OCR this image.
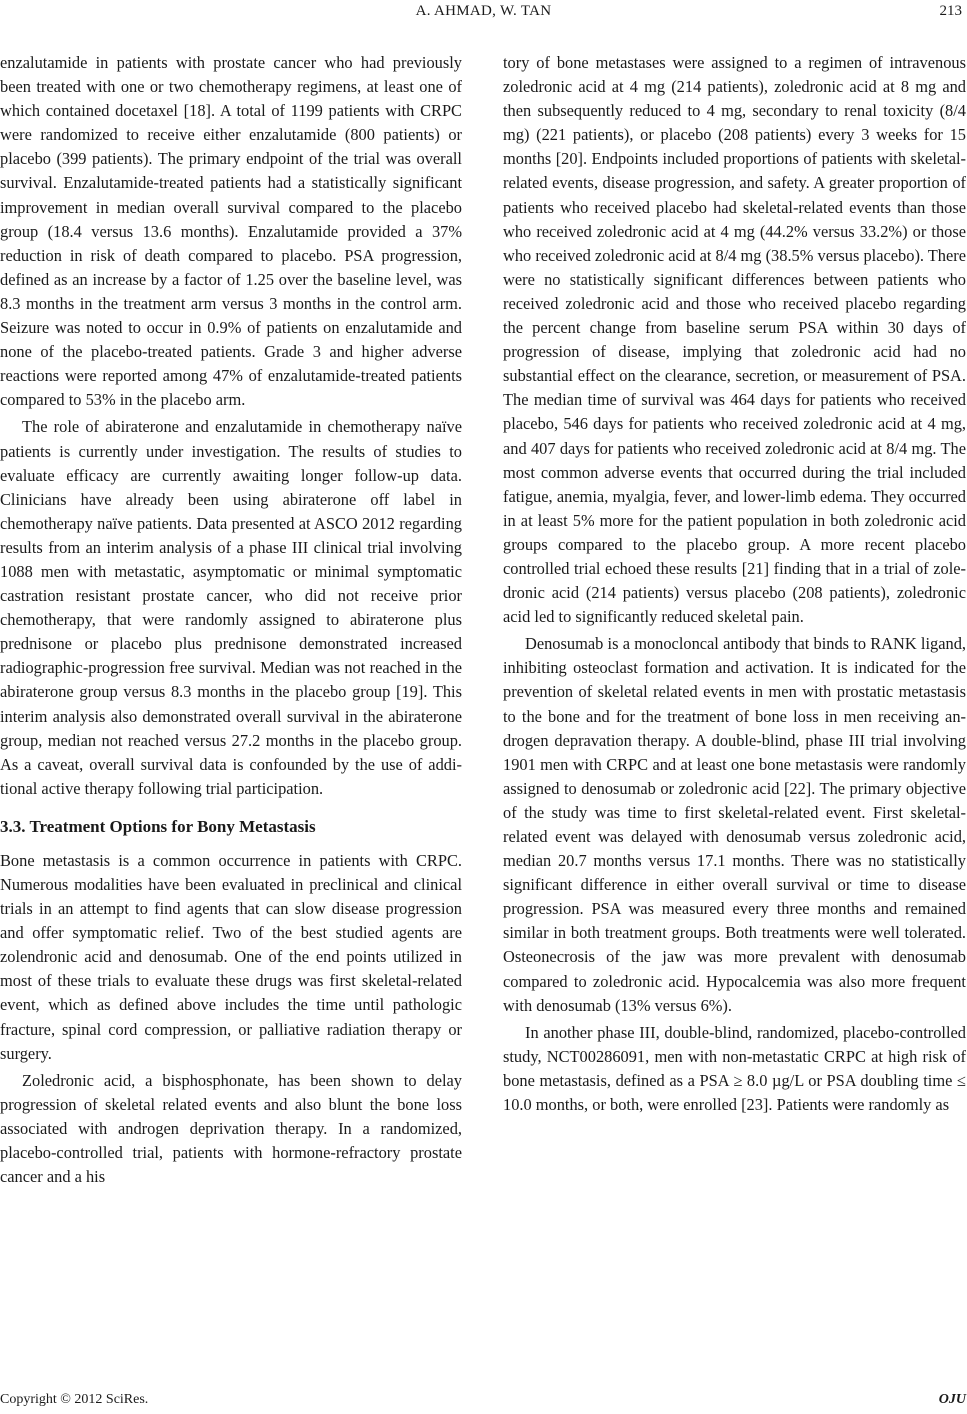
A. AHMAD, W. TAN	213

enzalutamide in patients with prostate cancer who had previously been treated with one or two chemotherapy regimens, at least one of which contained docetaxel [18]. A total of 1199 patients with CRPC were randomized to receive either enzalutamide (800 patients) or placebo (399 patients). The primary endpoint of the trial was overall survival. Enzalutamide-treated patients had a statistically significant improvement in median overall survival compared to the placebo group (18.4 versus 13.6 months). Enzalutamide provided a 37% reduction in risk of death compared to placebo. PSA progression, defined as an increase by a factor of 1.25 over the baseline level, was 8.3 months in the treatment arm versus 3 months in the control arm. Seizure was noted to occur in 0.9% of patients on enzalutamide and none of the placebo-treated patients. Grade 3 and higher adverse reactions were reported among 47% of enzalutamide-treated patients compared to 53% in the placebo arm.

The role of abiraterone and enzalutamide in chemotherapy naïve patients is currently under investigation. The results of studies to evaluate efficacy are currently awaiting longer follow-up data. Clinicians have already been using abiraterone off label in chemotherapy naïve patients. Data presented at ASCO 2012 regarding results from an interim analysis of a phase III clinical trial involving 1088 men with metastatic, asymptomatic or minimal symptomatic castration resistant prostate cancer, who did not receive prior chemotherapy, that were randomly assigned to abiraterone plus prednisone or placebo plus prednisone demonstrated increased radiographic-progression free survival. Median was not reached in the abiraterone group versus 8.3 months in the placebo group [19]. This interim analysis also demonstrated overall survival in the abiraterone group, median not reached versus 27.2 months in the placebo group. As a caveat, overall survival data is confounded by the use of additional active therapy following trial participation.

3.3. Treatment Options for Bony Metastasis

Bone metastasis is a common occurrence in patients with CRPC. Numerous modalities have been evaluated in preclinical and clinical trials in an attempt to find agents that can slow disease progression and offer symptomatic relief. Two of the best studied agents are zolendronic acid and denosumab. One of the end points utilized in most of these trials to evaluate these drugs was first skeletal-related event, which as defined above includes the time until pathologic fracture, spinal cord compression, or palliative radiation therapy or surgery.

Zoledronic acid, a bisphosphonate, has been shown to delay progression of skeletal related events and also blunt the bone loss associated with androgen deprivation therapy. In a randomized, placebo-controlled trial, patients with hormone-refractory prostate cancer and a his

tory of bone metastases were assigned to a regimen of intravenous zoledronic acid at 4 mg (214 patients), zoledronic acid at 8 mg and then subsequently reduced to 4 mg, secondary to renal toxicity (8/4 mg) (221 patients), or placebo (208 patients) every 3 weeks for 15 months [20]. Endpoints included proportions of patients with skeletal-related events, disease progression, and safety. A greater proportion of patients who received placebo had skeletal-related events than those who received zoledronic acid at 4 mg (44.2% versus 33.2%) or those who received zoledronic acid at 8/4 mg (38.5% versus placebo). There were no statistically significant differences between patients who received zoledronic acid and those who received placebo regarding the percent change from baseline serum PSA within 30 days of progression of disease, implying that zoledronic acid had no substantial effect on the clearance, secretion, or measurement of PSA. The median time of survival was 464 days for patients who received placebo, 546 days for patients who received zoledronic acid at 4 mg, and 407 days for patients who received zoledronic acid at 8/4 mg. The most common adverse events that occurred during the trial included fatigue, anemia, myalgia, fever, and lower-limb edema. They occurred in at least 5% more for the patient population in both zoledronic acid groups compared to the placebo group. A more recent placebo controlled trial echoed these results [21] finding that in a trial of zoledronic acid (214 patients) versus placebo (208 patients), zoledronic acid led to significantly reduced skeletal pain.

Denosumab is a monocloncal antibody that binds to RANK ligand, inhibiting osteoclast formation and activation. It is indicated for the prevention of skeletal related events in men with prostatic metastasis to the bone and for the treatment of bone loss in men receiving androgen depravation therapy. A double-blind, phase III trial involving 1901 men with CRPC and at least one bone metastasis were randomly assigned to denosumab or zoledronic acid [22]. The primary objective of the study was time to first skeletal-related event. First skeletal-related event was delayed with denosumab versus zoledronic acid, median 20.7 months versus 17.1 months. There was no statistically significant difference in either overall survival or time to disease progression. PSA was measured every three months and remained similar in both treatment groups. Both treatments were well tolerated. Osteonecrosis of the jaw was more prevalent with denosumab compared to zoledronic acid. Hypocalcemia was also more frequent with denosumab (13% versus 6%).

In another phase III, double-blind, randomized, placebo-controlled study, NCT00286091, men with non-metastatic CRPC at high risk of bone metastasis, defined as a PSA ≥ 8.0 µg/L or PSA doubling time ≤ 10.0 months, or both, were enrolled [23]. Patients were randomly as

Copyright © 2012 SciRes.	OJU
